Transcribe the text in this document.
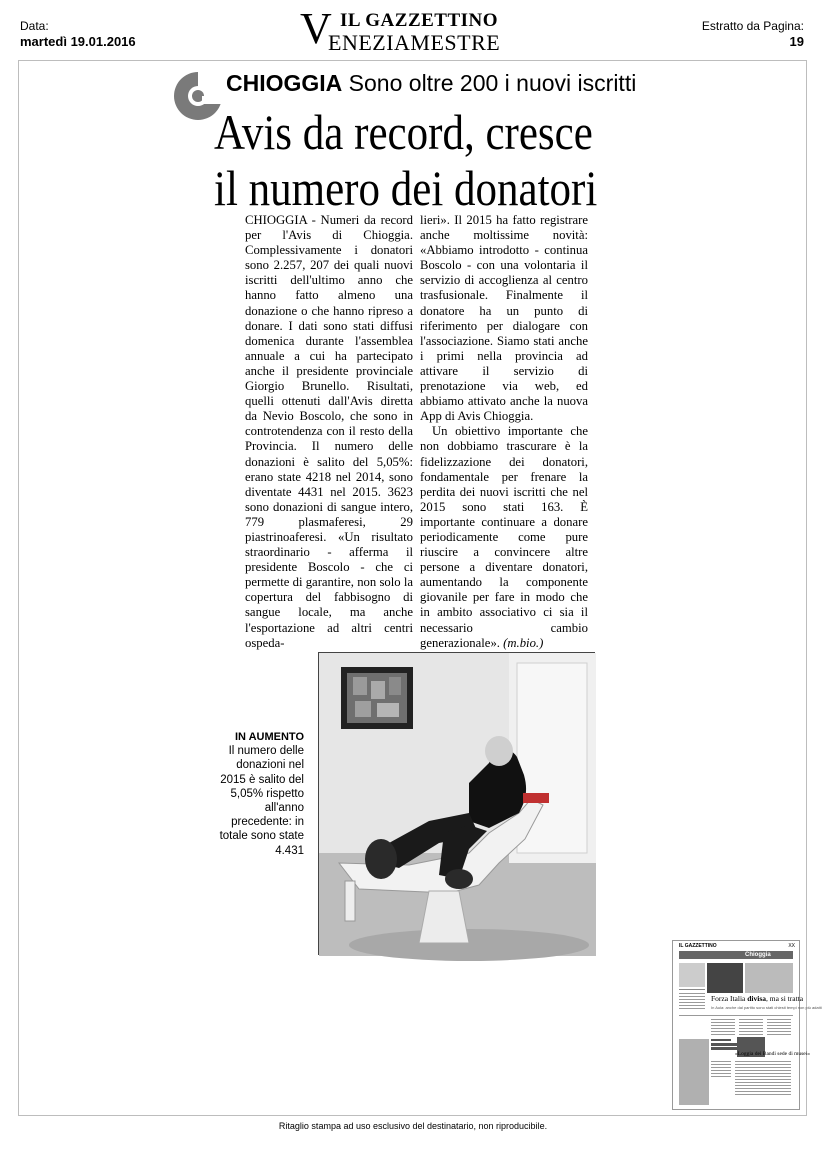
Data:
martedì 19.01.2016	V IL GAZZETTINO
ENEZIAMESTRE
Estratto da Pagina:
19
CHIOGGIA Sono oltre 200 i nuovi iscritti
Avis da record, cresce
il numero dei donatori

CHIOGGIA - Numeri da record per l'Avis di Chioggia. Complessivamente i donatori sono 2.257, 207 dei quali nuovi iscritti dell'ultimo anno che hanno fatto almeno una donazione o che hanno ripreso a donare. I dati sono stati diffusi domenica durante l'assemblea annuale a cui ha partecipato anche il presidente provinciale Giorgio Brunello. Risultati, quelli ottenuti dall'Avis diretta da Nevio Boscolo, che sono in controtendenza con il resto della Provincia. Il numero delle donazioni è salito del 5,05%: erano state 4218 nel 2014, sono diventate 4431 nel 2015. 3623 sono donazioni di sangue intero, 779 plasmaferesi, 29 piastrinoaferesi. «Un risultato straordinario - afferma il presidente Boscolo - che ci permette di garantire, non solo la copertura del fabbisogno di sangue locale, ma anche l'esportazione ad altri centri ospeda-

lieri». Il 2015 ha fatto registrare anche moltissime novità: «Abbiamo introdotto - continua Boscolo - con una volontaria il servizio di accoglienza al centro trasfusionale. Finalmente il donatore ha un punto di riferimento per dialogare con l'associazione. Siamo stati anche i primi nella provincia ad attivare il servizio di prenotazione via web, ed abbiamo attivato anche la nuova App di Avis Chioggia.

Un obiettivo importante che non dobbiamo trascurare è la fidelizzazione dei donatori, fondamentale per frenare la perdita dei nuovi iscritti che nel 2015 sono stati 163. È importante continuare a donare periodicamente come pure riuscire a convincere altre persone a diventare donatori, aumentando la componente giovanile per fare in modo che in ambito associativo ci sia il necessario cambio generazionale». (m.bio.)

IN AUMENTO
Il numero delle donazioni nel 2015 è salito del 5,05% rispetto all'anno precedente: in totale sono state 4.431
IL GAZZETTINO	XX
Chioggia
Forza Italia divisa, ma si tratta
In Aula: anche dal partito sono stati chiesti tempi non più adatti
«Loggia dei Bandi sede di musei»
Ritaglio stampa ad uso esclusivo del destinatario, non riproducibile.
